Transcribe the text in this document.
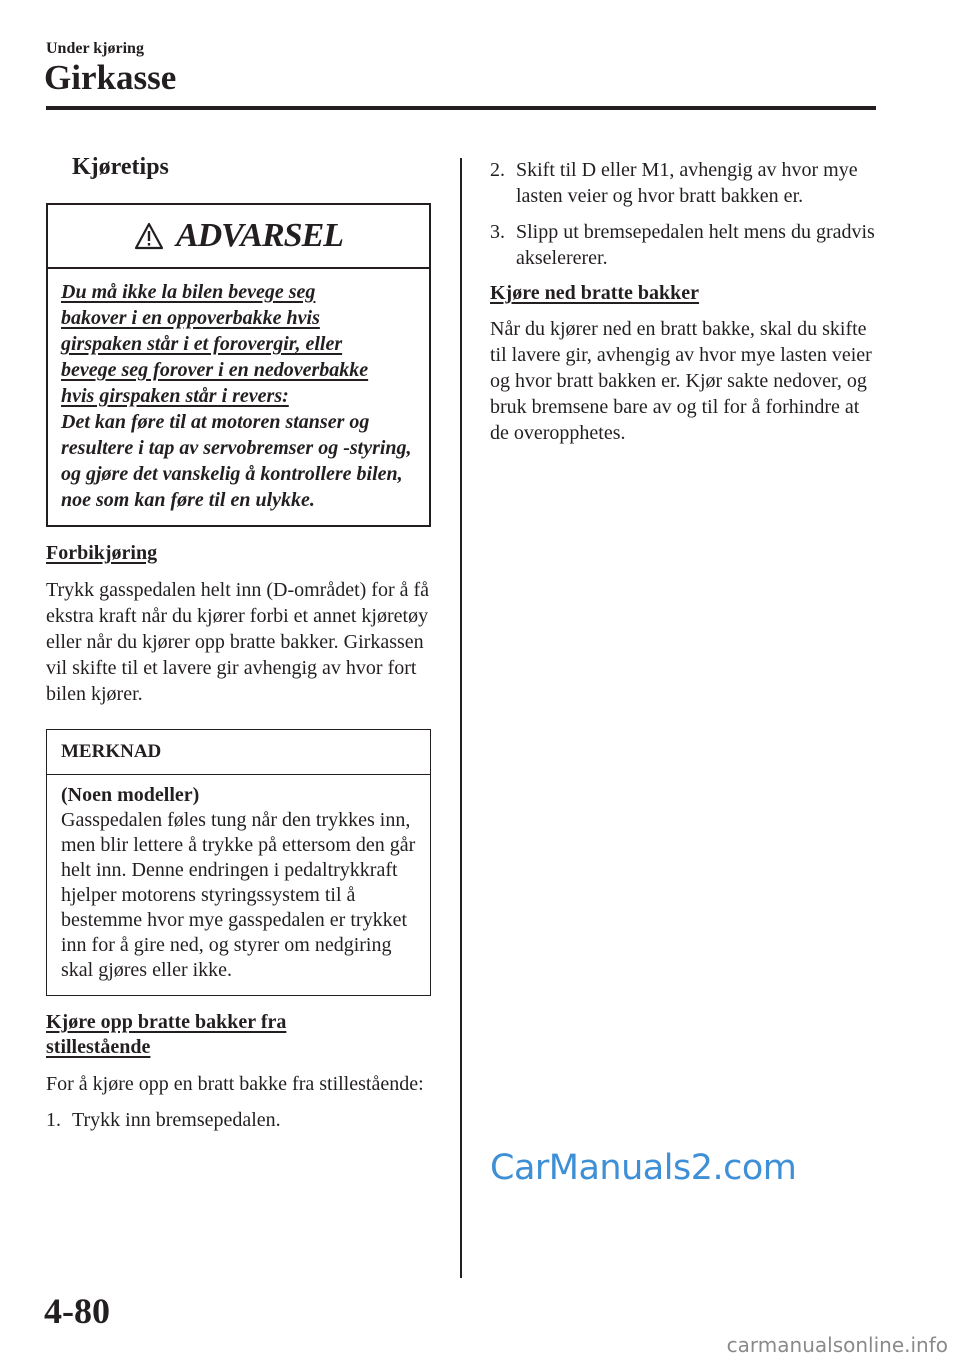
Under kjøring
Girkasse
Kjøretips
ADVARSEL
Du må ikke la bilen bevege seg
bakover i en oppoverbakke hvis
girspaken står i et forovergir, eller
bevege seg forover i en nedoverbakke
hvis girspaken står i revers:
Det kan føre til at motoren stanser og resultere i tap av servobremser og -styring, og gjøre det vanskelig å kontrollere bilen, noe som kan føre til en ulykke.
Forbikjøring
Trykk gasspedalen helt inn (D-området) for å få ekstra kraft når du kjører forbi et annet kjøretøy eller når du kjører opp bratte bakker. Girkassen vil skifte til et lavere gir avhengig av hvor fort bilen kjører.
MERKNAD
(Noen modeller)
Gasspedalen føles tung når den trykkes inn, men blir lettere å trykke på ettersom den går helt inn. Denne endringen i pedaltrykkraft hjelper motorens styringssystem til å bestemme hvor mye gasspedalen er trykket inn for å gire ned, og styrer om nedgiring skal gjøres eller ikke.
Kjøre opp bratte bakker fra
stillestående
For å kjøre opp en bratt bakke fra stillestående:
1. Trykk inn bremsepedalen.
2. Skift til D eller M1, avhengig av hvor mye lasten veier og hvor bratt bakken er.
3. Slipp ut bremsepedalen helt mens du gradvis akselererer.
Kjøre ned bratte bakker
Når du kjører ned en bratt bakke, skal du skifte til lavere gir, avhengig av hvor mye lasten veier og hvor bratt bakken er. Kjør sakte nedover, og bruk bremsene bare av og til for å forhindre at de overopphetes.
CarManuals2.com
4-80
carmanualsonline.info
